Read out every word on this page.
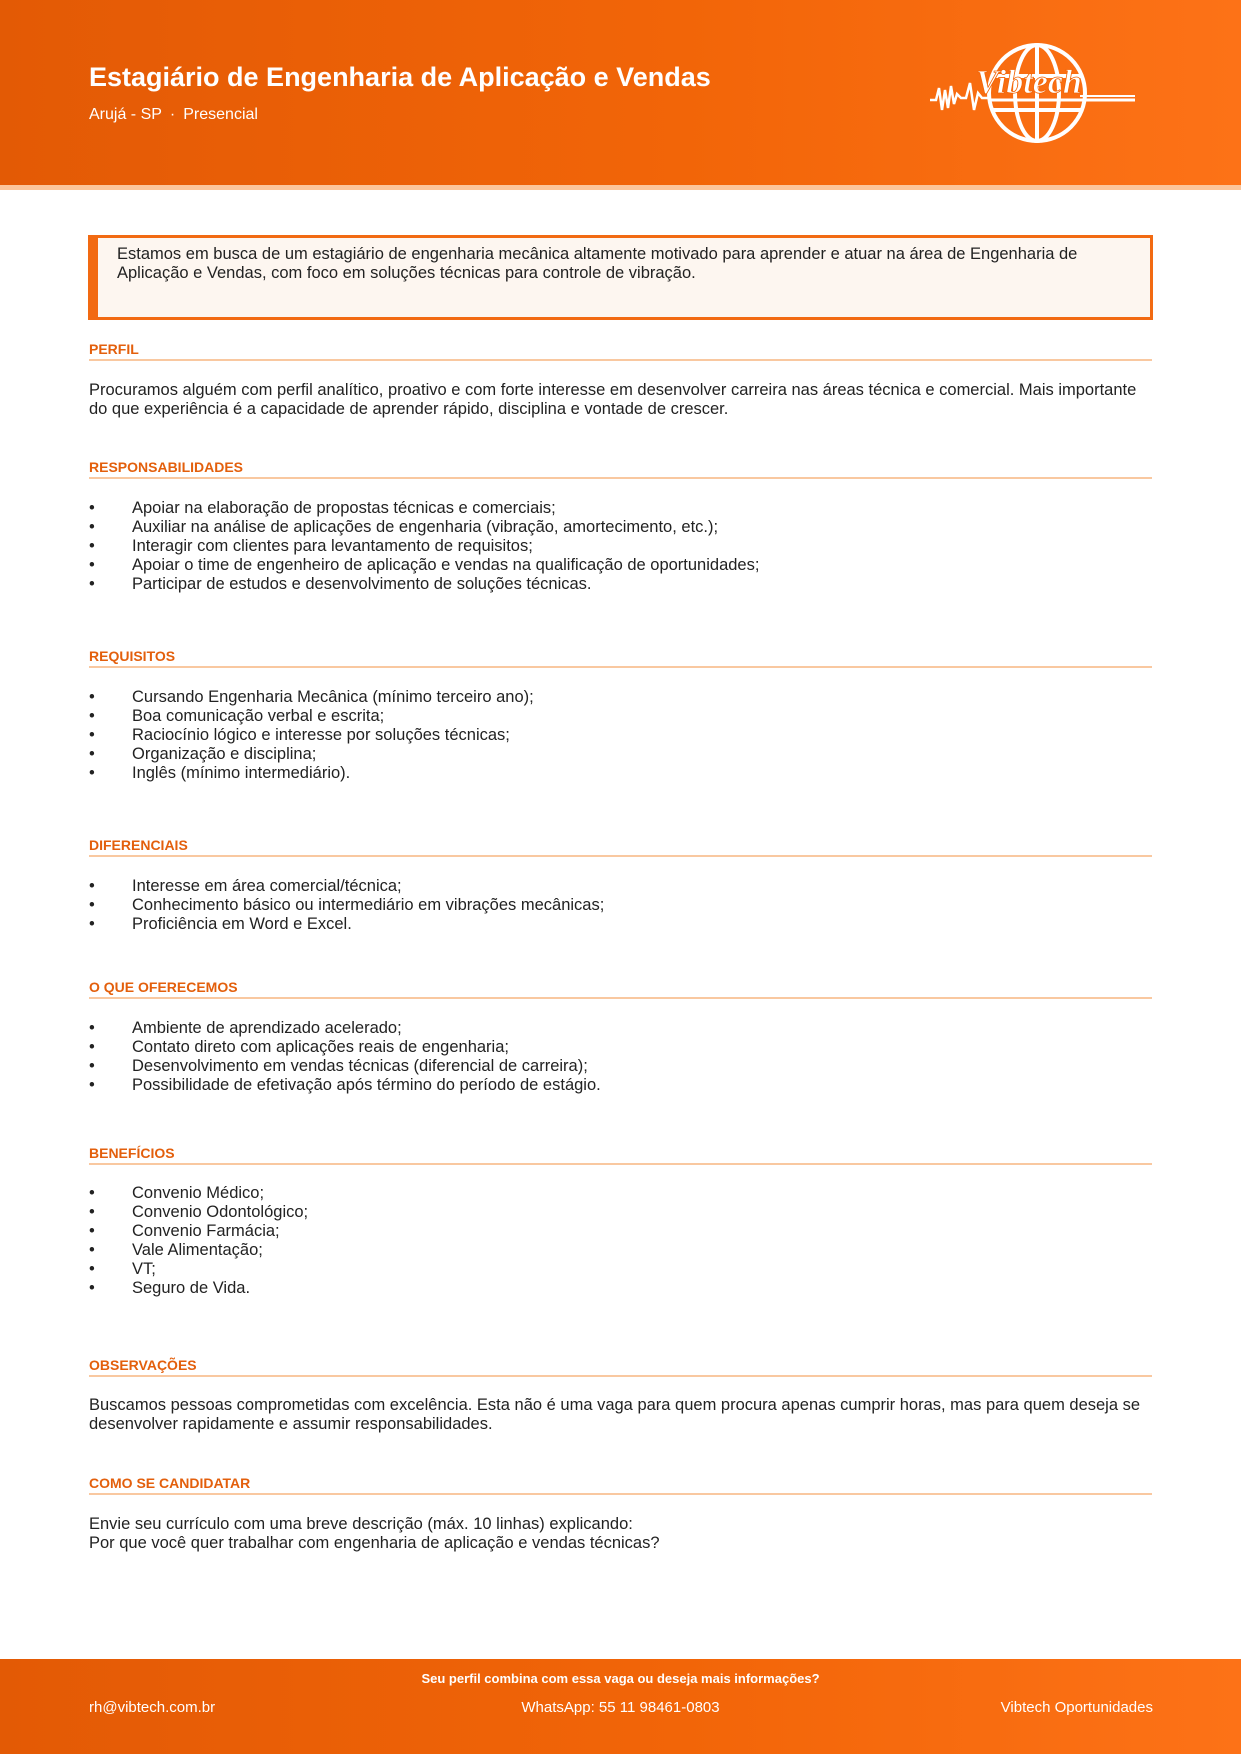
Estagiário de Engenharia de Aplicação e Vendas
Arujá - SP · Presencial
Vibtech
Estamos em busca de um estagiário de engenharia mecânica altamente motivado para aprender e atuar na área de Engenharia de Aplicação e Vendas, com foco em soluções técnicas para controle de vibração.
PERFIL
Procuramos alguém com perfil analítico, proativo e com forte interesse em desenvolver carreira nas áreas técnica e comercial. Mais importante do que experiência é a capacidade de aprender rápido, disciplina e vontade de crescer.
RESPONSABILIDADES
• Apoiar na elaboração de propostas técnicas e comerciais;
• Auxiliar na análise de aplicações de engenharia (vibração, amortecimento, etc.);
• Interagir com clientes para levantamento de requisitos;
• Apoiar o time de engenheiro de aplicação e vendas na qualificação de oportunidades;
• Participar de estudos e desenvolvimento de soluções técnicas.
REQUISITOS
• Cursando Engenharia Mecânica (mínimo terceiro ano);
• Boa comunicação verbal e escrita;
• Raciocínio lógico e interesse por soluções técnicas;
• Organização e disciplina;
• Inglês (mínimo intermediário).
DIFERENCIAIS
• Interesse em área comercial/técnica;
• Conhecimento básico ou intermediário em vibrações mecânicas;
• Proficiência em Word e Excel.
O QUE OFERECEMOS
• Ambiente de aprendizado acelerado;
• Contato direto com aplicações reais de engenharia;
• Desenvolvimento em vendas técnicas (diferencial de carreira);
• Possibilidade de efetivação após término do período de estágio.
BENEFÍCIOS
• Convenio Médico;
• Convenio Odontológico;
• Convenio Farmácia;
• Vale Alimentação;
• VT;
• Seguro de Vida.
OBSERVAÇÕES
Buscamos pessoas comprometidas com excelência. Esta não é uma vaga para quem procura apenas cumprir horas, mas para quem deseja se desenvolver rapidamente e assumir responsabilidades.
COMO SE CANDIDATAR
Envie seu currículo com uma breve descrição (máx. 10 linhas) explicando:
Por que você quer trabalhar com engenharia de aplicação e vendas técnicas?
Seu perfil combina com essa vaga ou deseja mais informações?
rh@vibtech.com.br	WhatsApp: 55 11 98461-0803	Vibtech Oportunidades
